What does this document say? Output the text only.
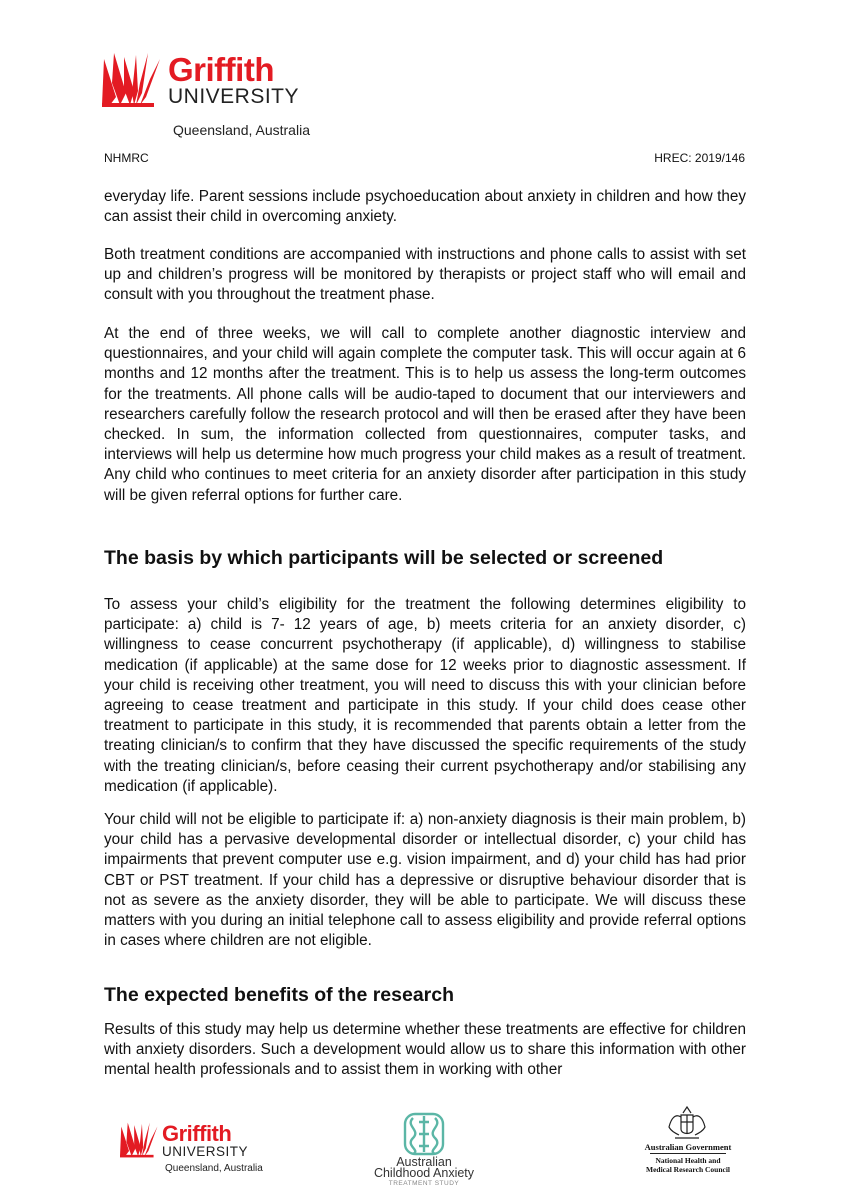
Griffith
UNIVERSITY
Queensland, Australia
NHMRC	HREC: 2019/146

everyday life. Parent sessions include psychoeducation about anxiety in children and how they can assist their child in overcoming anxiety.

Both treatment conditions are accompanied with instructions and phone calls to assist with set up and children’s progress will be monitored by therapists or project staff who will email and consult with you throughout the treatment phase.

At the end of three weeks, we will call to complete another diagnostic interview and questionnaires, and your child will again complete the computer task. This will occur again at 6 months and 12 months after the treatment. This is to help us assess the long-term outcomes for the treatments. All phone calls will be audio-taped to document that our interviewers and researchers carefully follow the research protocol and will then be erased after they have been checked. In sum, the information collected from questionnaires, computer tasks, and interviews will help us determine how much progress your child makes as a result of treatment. Any child who continues to meet criteria for an anxiety disorder after participation in this study will be given referral options for further care.

The basis by which participants will be selected or screened

To assess your child’s eligibility for the treatment the following determines eligibility to participate: a) child is 7- 12 years of age, b) meets criteria for an anxiety disorder, c) willingness to cease concurrent psychotherapy (if applicable), d) willingness to stabilise medication (if applicable) at the same dose for 12 weeks prior to diagnostic assessment. If your child is receiving other treatment, you will need to discuss this with your clinician before agreeing to cease treatment and participate in this study. If your child does cease other treatment to participate in this study, it is recommended that parents obtain a letter from the treating clinician/s to confirm that they have discussed the specific requirements of the study with the treating clinician/s, before ceasing their current psychotherapy and/or stabilising any medication (if applicable).

Your child will not be eligible to participate if: a) non-anxiety diagnosis is their main problem, b) your child has a pervasive developmental disorder or intellectual disorder, c) your child has impairments that prevent computer use e.g. vision impairment, and d) your child has had prior CBT or PST treatment. If your child has a depressive or disruptive behaviour disorder that is not as severe as the anxiety disorder, they will be able to participate. We will discuss these matters with you during an initial telephone call to assess eligibility and provide referral options in cases where children are not eligible.

The expected benefits of the research

Results of this study may help us determine whether these treatments are effective for children with anxiety disorders. Such a development would allow us to share this information with other mental health professionals and to assist them in working with other

Griffith
UNIVERSITY
Queensland, Australia	Australian
Childhood Anxiety
TREATMENT STUDY
Australian Government
National Health and
Medical Research Council
